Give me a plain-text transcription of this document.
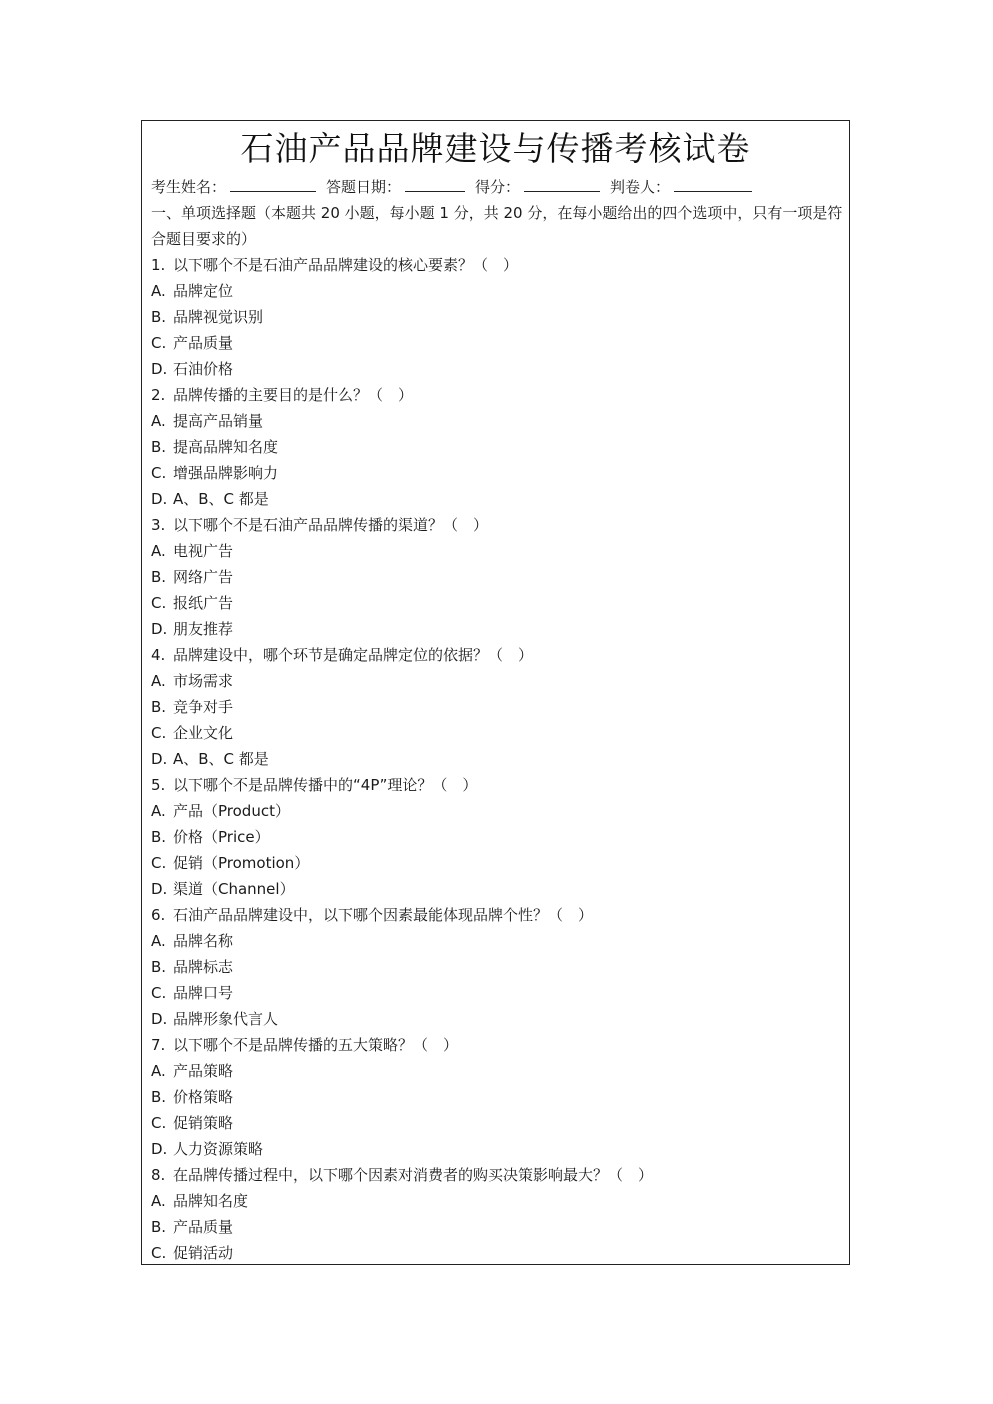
石油产品品牌建设与传播考核试卷
考生姓名：	答题日期：	得分：	判卷人：
一、单项选择题（本题共 20 小题，每小题 1 分，共 20 分，在每小题给出的四个选项中，只有一项是符合题目要求的）
1. 以下哪个不是石油产品品牌建设的核心要素？（　）
A. 品牌定位
B. 品牌视觉识别
C. 产品质量
D. 石油价格
2. 品牌传播的主要目的是什么？（　）
A. 提高产品销量
B. 提高品牌知名度
C. 增强品牌影响力
D. A、B、C 都是
3. 以下哪个不是石油产品品牌传播的渠道？（　）
A. 电视广告
B. 网络广告
C. 报纸广告
D. 朋友推荐
4. 品牌建设中，哪个环节是确定品牌定位的依据？（　）
A. 市场需求
B. 竞争对手
C. 企业文化
D. A、B、C 都是
5. 以下哪个不是品牌传播中的“4P”理论？（　）
A. 产品（Product）
B. 价格（Price）
C. 促销（Promotion）
D. 渠道（Channel）
6. 石油产品品牌建设中，以下哪个因素最能体现品牌个性？（　）
A. 品牌名称
B. 品牌标志
C. 品牌口号
D. 品牌形象代言人
7. 以下哪个不是品牌传播的五大策略？（　）
A. 产品策略
B. 价格策略
C. 促销策略
D. 人力资源策略
8. 在品牌传播过程中，以下哪个因素对消费者的购买决策影响最大？（　）
A. 品牌知名度
B. 产品质量
C. 促销活动
